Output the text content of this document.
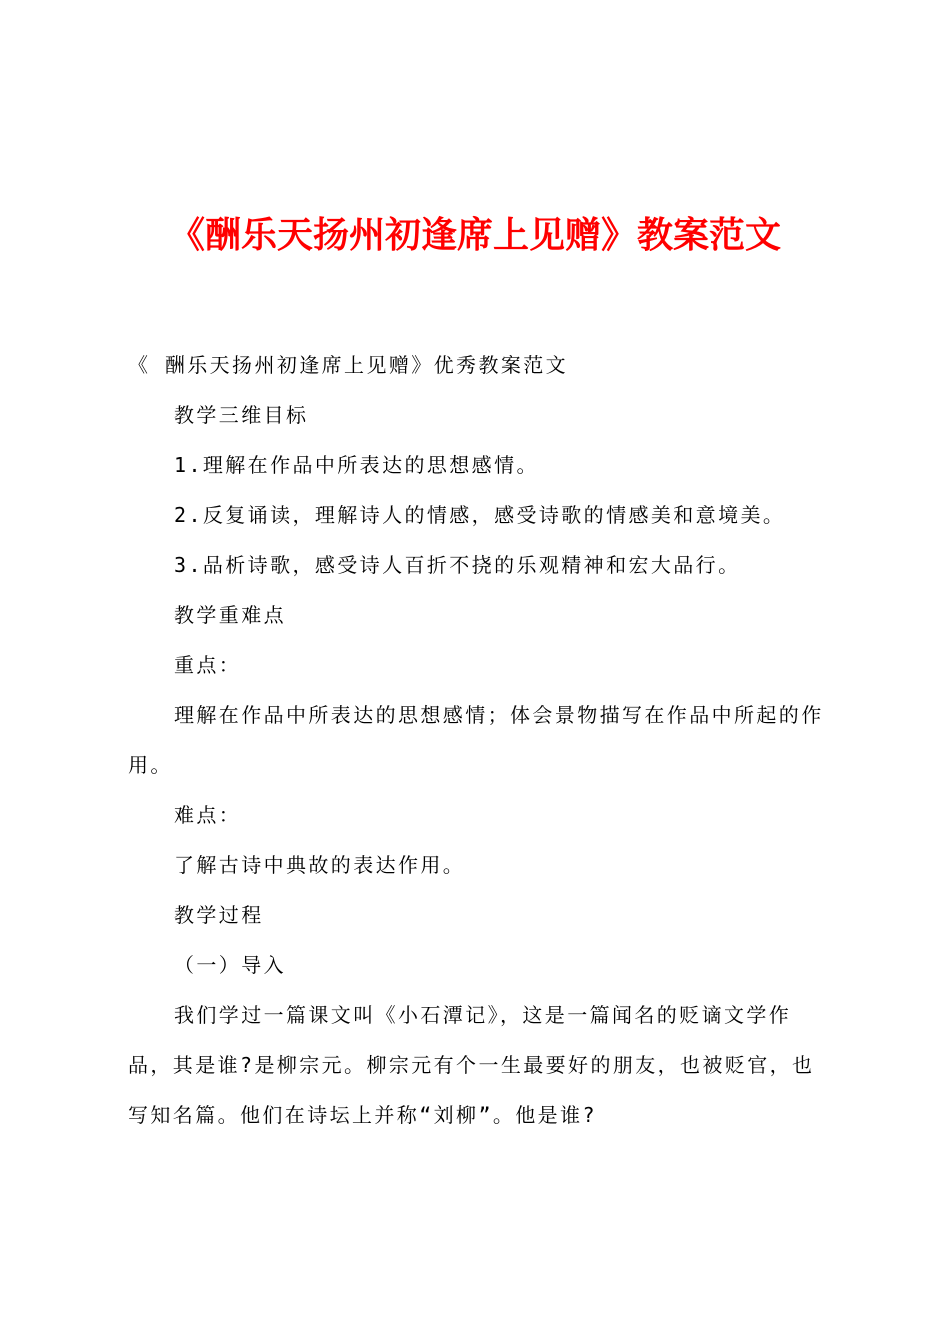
《酬乐天扬州初逢席上见赠》教案范文

《 酬乐天扬州初逢席上见赠》优秀教案范文

教学三维目标

1.理解在作品中所表达的思想感情。

2.反复诵读，理解诗人的情感，感受诗歌的情感美和意境美。

3.品析诗歌，感受诗人百折不挠的乐观精神和宏大品行。

教学重难点

重点：

理解在作品中所表达的思想感情；体会景物描写在作品中所起的作用。

难点：

了解古诗中典故的表达作用。

教学过程

（一）导入

我们学过一篇课文叫《小石潭记》，这是一篇闻名的贬谪文学作品，其是谁?是柳宗元。柳宗元有个一生最要好的朋友，也被贬官，也写知名篇。他们在诗坛上并称“刘柳”。他是谁?
